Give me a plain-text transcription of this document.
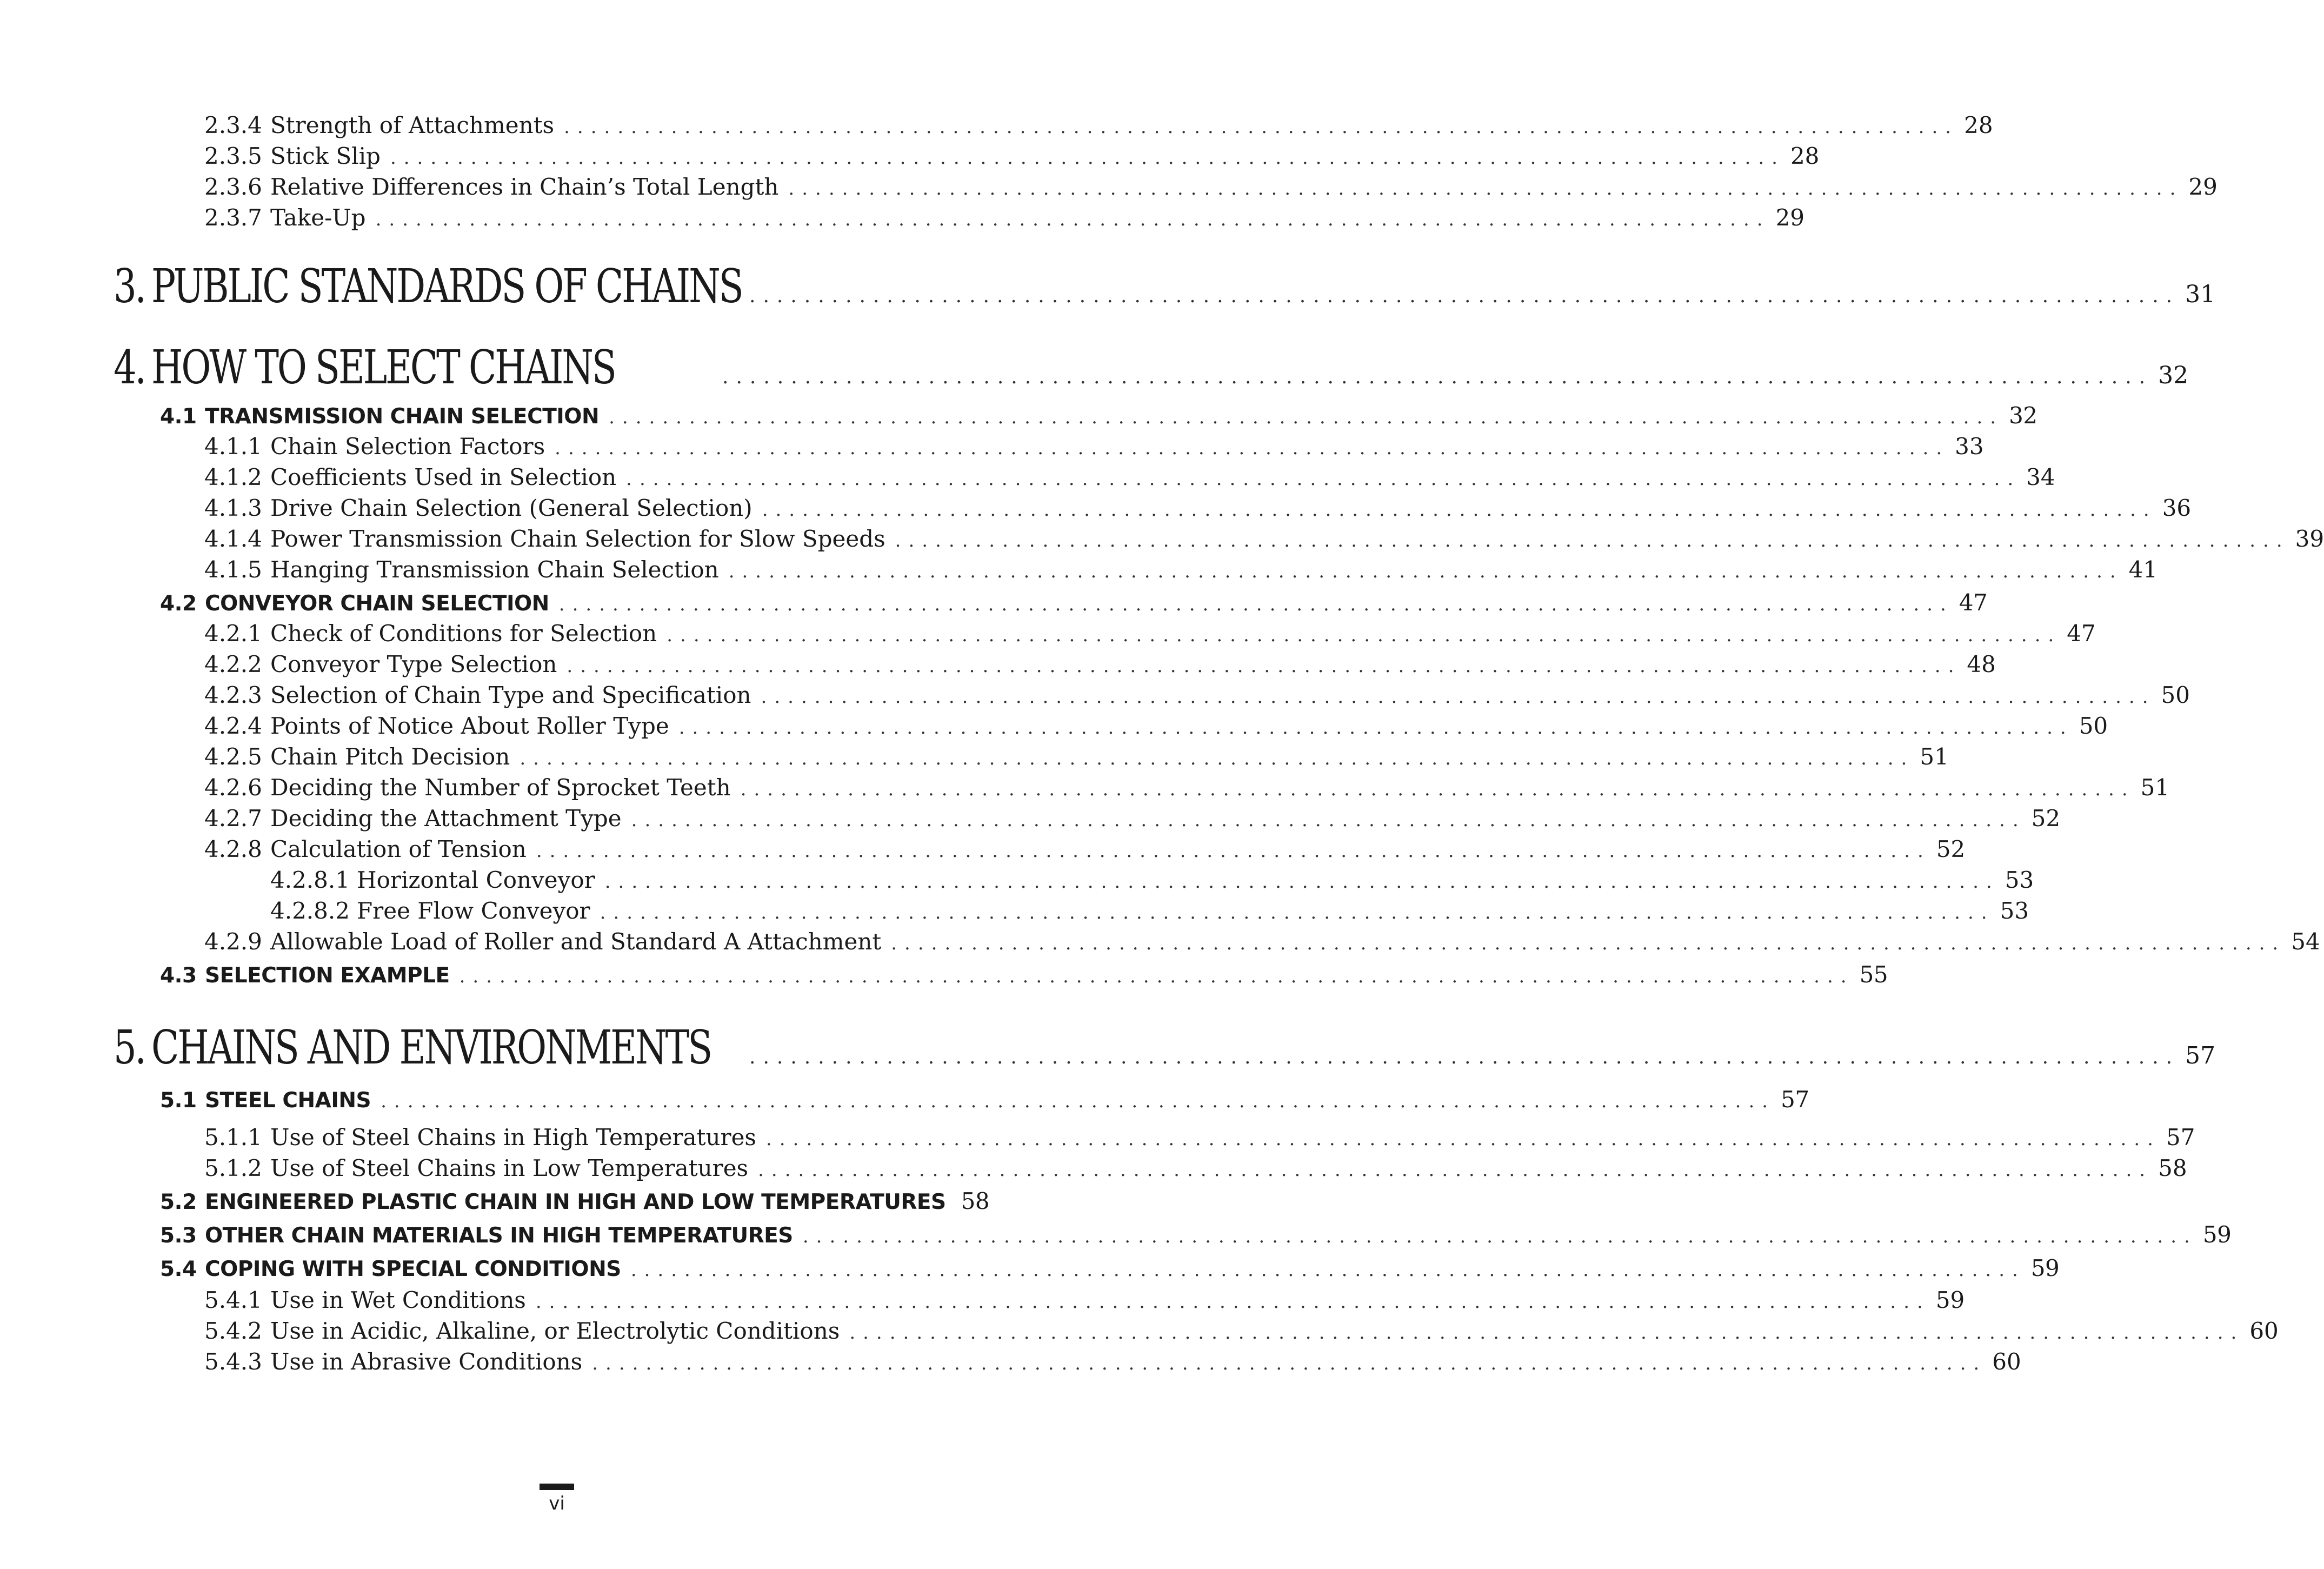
2.3.4 Strength of Attachments ........................................................................................................ 28
2.3.5 Stick Slip ........................................................................................................ 28
2.3.6 Relative Differences in Chain’s Total Length ........................................................................................................ 29
2.3.7 Take-Up ........................................................................................................ 29
3. PUBLIC STANDARDS OF CHAINS ........................................................................................................ 31
4. HOW TO SELECT CHAINS	........................................................................................................ 32
4.1 TRANSMISSION CHAIN SELECTION ........................................................................................................ 32
4.1.1 Chain Selection Factors ........................................................................................................ 33
4.1.2 Coefficients Used in Selection ........................................................................................................ 34
4.1.3 Drive Chain Selection (General Selection) ........................................................................................................ 36
4.1.4 Power Transmission Chain Selection for Slow Speeds ........................................................................................................ 39
4.1.5 Hanging Transmission Chain Selection ........................................................................................................ 41
4.2 CONVEYOR CHAIN SELECTION ........................................................................................................ 47
4.2.1 Check of Conditions for Selection ........................................................................................................ 47
4.2.2 Conveyor Type Selection ........................................................................................................ 48
4.2.3 Selection of Chain Type and Specification ........................................................................................................ 50
4.2.4 Points of Notice About Roller Type ........................................................................................................ 50
4.2.5 Chain Pitch Decision ........................................................................................................ 51
4.2.6 Deciding the Number of Sprocket Teeth ........................................................................................................ 51
4.2.7 Deciding the Attachment Type ........................................................................................................ 52
4.2.8 Calculation of Tension ........................................................................................................ 52
4.2.8.1 Horizontal Conveyor ........................................................................................................ 53
4.2.8.2 Free Flow Conveyor ........................................................................................................ 53
4.2.9 Allowable Load of Roller and Standard A Attachment ........................................................................................................ 54
4.3 SELECTION EXAMPLE ........................................................................................................ 55
5. CHAINS AND ENVIRONMENTS ........................................................................................................ 57
5.1 STEEL CHAINS ........................................................................................................ 57
5.1.1 Use of Steel Chains in High Temperatures ........................................................................................................ 57
5.1.2 Use of Steel Chains in Low Temperatures ........................................................................................................ 58
5.2 ENGINEERED PLASTIC CHAIN IN HIGH AND LOW TEMPERATURES 58
5.3 OTHER CHAIN MATERIALS IN HIGH TEMPERATURES ........................................................................................................ 59
5.4 COPING WITH SPECIAL CONDITIONS ........................................................................................................ 59
5.4.1 Use in Wet Conditions ........................................................................................................ 59
5.4.2 Use in Acidic, Alkaline, or Electrolytic Conditions ........................................................................................................ 60
5.4.3 Use in Abrasive Conditions ........................................................................................................ 60
vi
